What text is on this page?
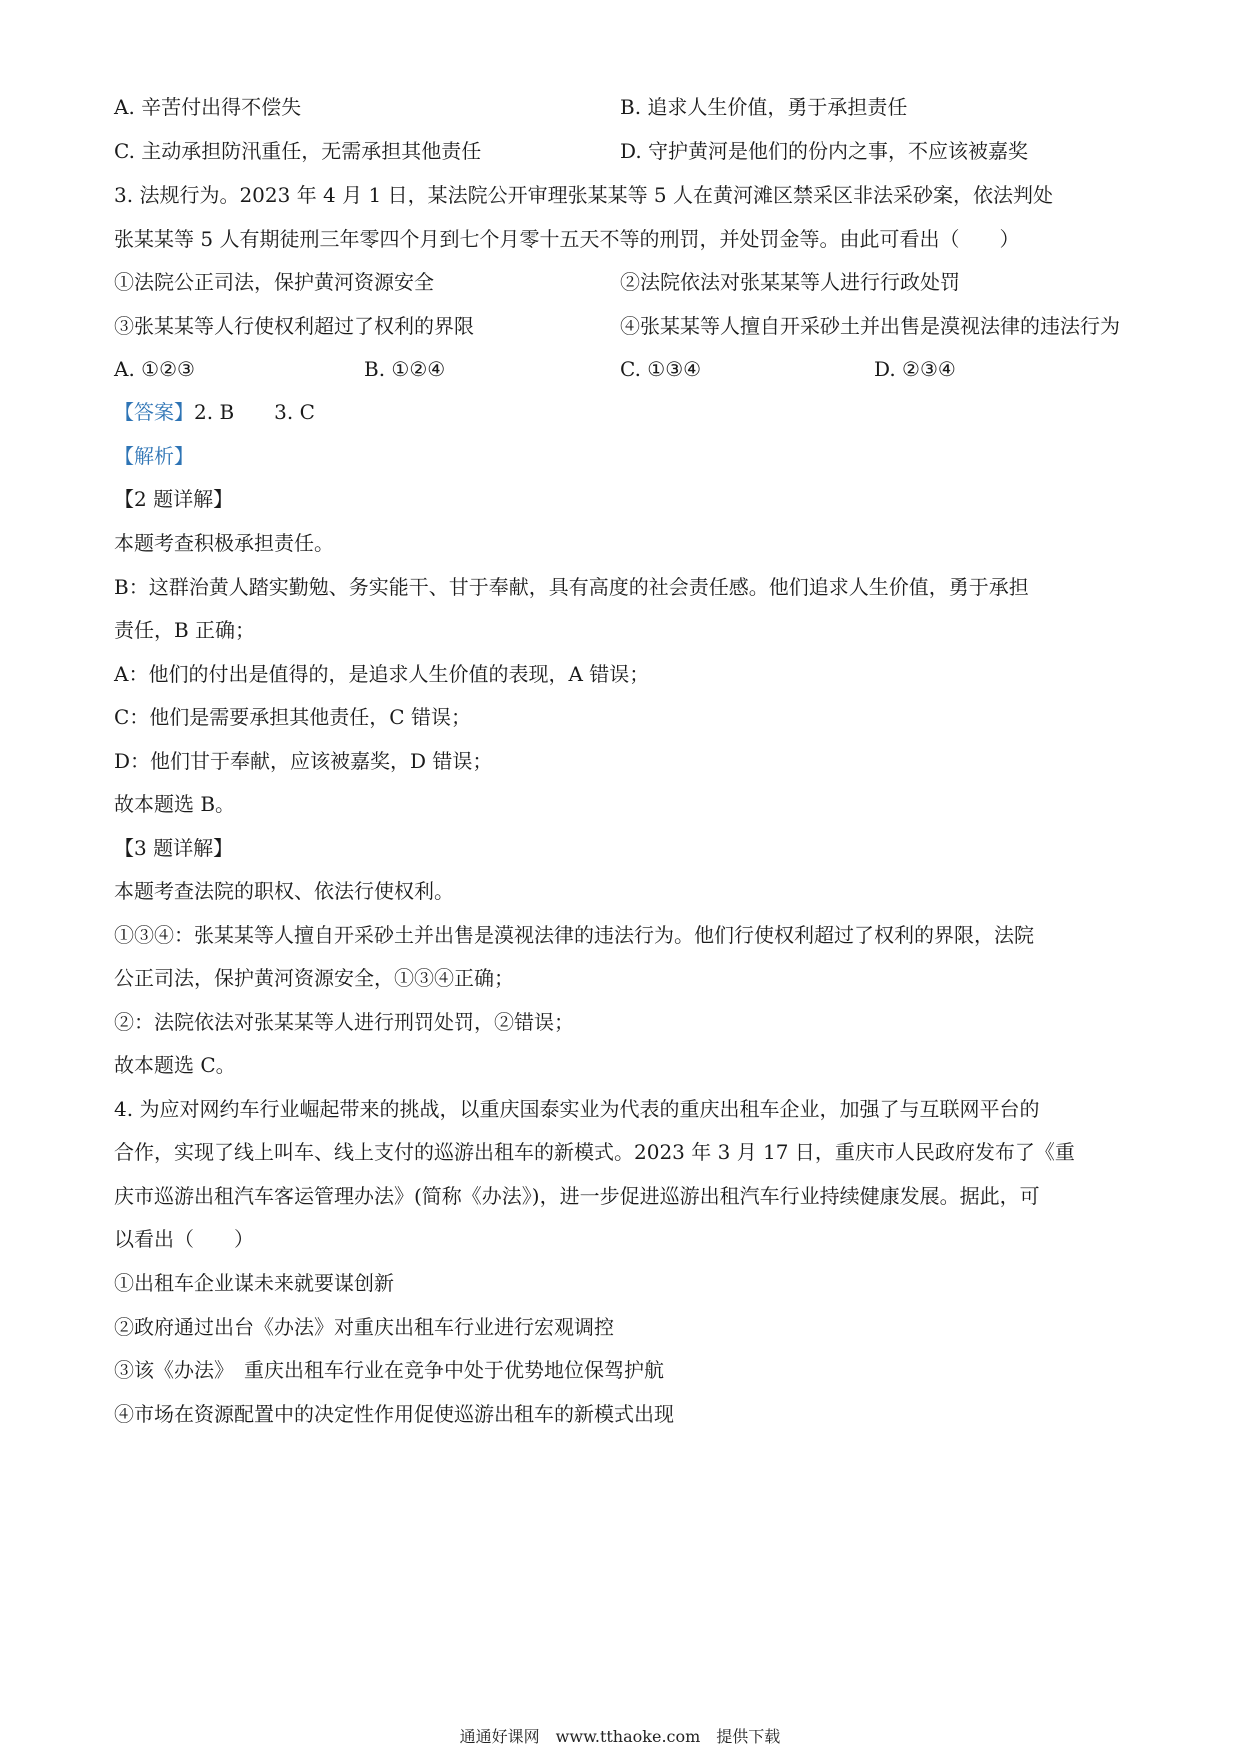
A. 辛苦付出得不偿失	B. 追求人生价值，勇于承担责任
C. 主动承担防汛重任，无需承担其他责任	D. 守护黄河是他们的份内之事，不应该被嘉奖
3. 法规行为。2023 年 4 月 1 日，某法院公开审理张某某等 5 人在黄河滩区禁采区非法采砂案，依法判处
张某某等 5 人有期徒刑三年零四个月到七个月零十五天不等的刑罚，并处罚金等。由此可看出（　　）
①法院公正司法，保护黄河资源安全	②法院依法对张某某等人进行行政处罚
③张某某等人行使权利超过了权利的界限	④张某某等人擅自开采砂土并出售是漠视法律的违法行为
A. ①②③	B. ①②④	C. ①③④	D. ②③④
【答案】2. B　　3. C
【解析】
【2 题详解】
本题考查积极承担责任。
B：这群治黄人踏实勤勉、务实能干、甘于奉献，具有高度的社会责任感。他们追求人生价值，勇于承担
责任，B 正确；
A：他们的付出是值得的，是追求人生价值的表现，A 错误；
C：他们是需要承担其他责任，C 错误；
D：他们甘于奉献，应该被嘉奖，D 错误；
故本题选 B。
【3 题详解】
本题考查法院的职权、依法行使权利。
①③④：张某某等人擅自开采砂土并出售是漠视法律的违法行为。他们行使权利超过了权利的界限，法院
公正司法，保护黄河资源安全，①③④正确；
②：法院依法对张某某等人进行刑罚处罚，②错误；
故本题选 C。
4. 为应对网约车行业崛起带来的挑战，以重庆国泰实业为代表的重庆出租车企业，加强了与互联网平台的
合作，实现了线上叫车、线上支付的巡游出租车的新模式。2023 年 3 月 17 日，重庆市人民政府发布了《重
庆市巡游出租汽车客运管理办法》(简称《办法》)，进一步促进巡游出租汽车行业持续健康发展。据此，可
以看出（　　）
①出租车企业谋未来就要谋创新
②政府通过出台《办法》对重庆出租车行业进行宏观调控
③该《办法》　重庆出租车行业在竞争中处于优势地位保驾护航
④市场在资源配置中的决定性作用促使巡游出租车的新模式出现
通通好课网　www.tthaoke.com　提供下载
